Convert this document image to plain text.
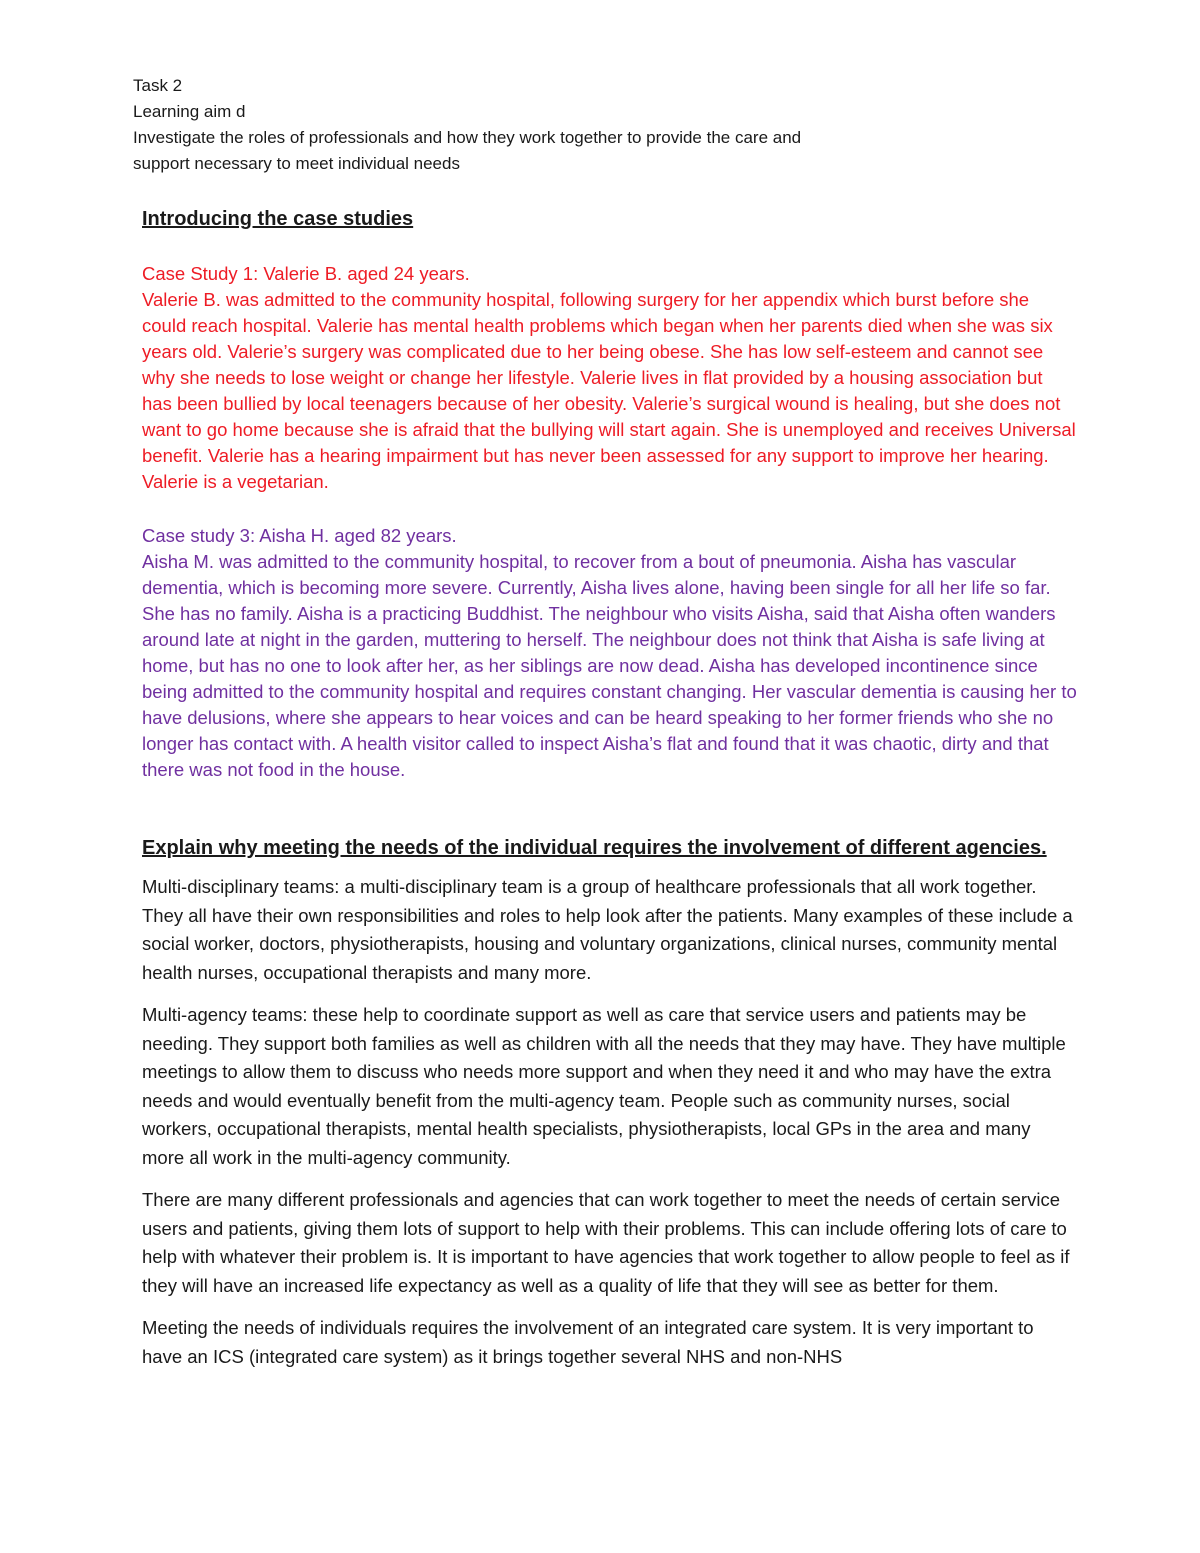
Task 2
Learning aim d
Investigate the roles of professionals and how they work together to provide the care and
support necessary to meet individual needs
Introducing the case studies

Case Study 1: Valerie B. aged 24 years.

Valerie B. was admitted to the community hospital, following surgery for her appendix which burst before she could reach hospital. Valerie has mental health problems which began when her parents died when she was six years old. Valerie’s surgery was complicated due to her being obese. She has low self-esteem and cannot see why she needs to lose weight or change her lifestyle. Valerie lives in flat provided by a housing association but has been bullied by local teenagers because of her obesity. Valerie’s surgical wound is healing, but she does not want to go home because she is afraid that the bullying will start again. She is unemployed and receives Universal benefit. Valerie has a hearing impairment but has never been assessed for any support to improve her hearing. Valerie is a vegetarian.

Case study 3: Aisha H. aged 82 years.

Aisha M. was admitted to the community hospital, to recover from a bout of pneumonia. Aisha has vascular dementia, which is becoming more severe. Currently, Aisha lives alone, having been single for all her life so far. She has no family. Aisha is a practicing Buddhist. The neighbour who visits Aisha, said that Aisha often wanders around late at night in the garden, muttering to herself. The neighbour does not think that Aisha is safe living at home, but has no one to look after her, as her siblings are now dead. Aisha has developed incontinence since being admitted to the community hospital and requires constant changing. Her vascular dementia is causing her to have delusions, where she appears to hear voices and can be heard speaking to her former friends who she no longer has contact with. A health visitor called to inspect Aisha’s flat and found that it was chaotic, dirty and that there was not food in the house.

Explain why meeting the needs of the individual requires the involvement of different agencies.

Multi-disciplinary teams: a multi-disciplinary team is a group of healthcare professionals that all work together. They all have their own responsibilities and roles to help look after the patients. Many examples of these include a social worker, doctors, physiotherapists, housing and voluntary organizations, clinical nurses, community mental health nurses, occupational therapists and many more.

Multi-agency teams: these help to coordinate support as well as care that service users and patients may be needing. They support both families as well as children with all the needs that they may have. They have multiple meetings to allow them to discuss who needs more support and when they need it and who may have the extra needs and would eventually benefit from the multi-agency team. People such as community nurses, social workers, occupational therapists, mental health specialists, physiotherapists, local GPs in the area and many more all work in the multi-agency community.

There are many different professionals and agencies that can work together to meet the needs of certain service users and patients, giving them lots of support to help with their problems. This can include offering lots of care to help with whatever their problem is. It is important to have agencies that work together to allow people to feel as if they will have an increased life expectancy as well as a quality of life that they will see as better for them.

Meeting the needs of individuals requires the involvement of an integrated care system. It is very important to have an ICS (integrated care system) as it brings together several NHS and non-NHS
